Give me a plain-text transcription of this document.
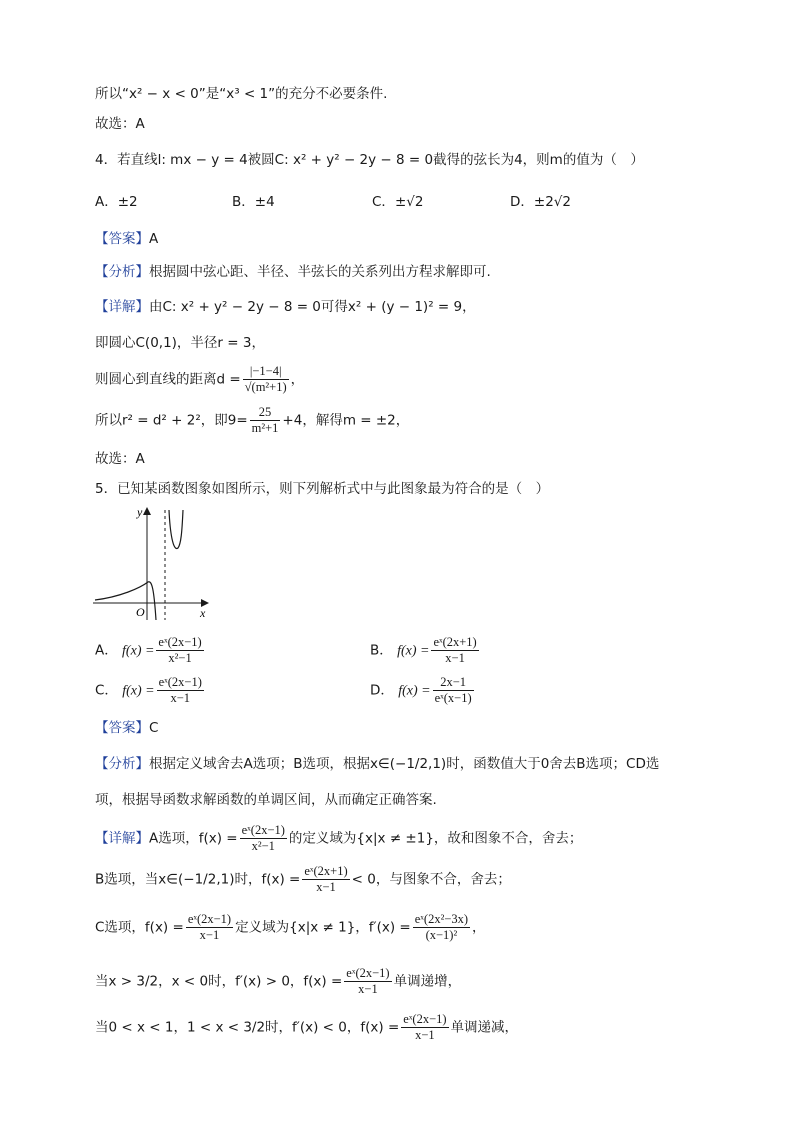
所以“x² − x < 0”是“x³ < 1”的充分不必要条件.
故选：A
4．若直线l: mx − y = 4被圆C: x² + y² − 2y − 8 = 0截得的弦长为4，则m的值为（　）
A．±2	B．±4	C．±√2	D．±2√2
【答案】A
【分析】根据圆中弦心距、半径、半弦长的关系列出方程求解即可.
【详解】由C: x² + y² − 2y − 8 = 0可得x² + (y − 1)² = 9，
即圆心C(0,1)，半径r = 3，
则圆心到直线的距离$d = \frac{|-1-4|}{\text{√(m²+1)}}$ ，
所以r² = d² + 2²，即$9= \frac{25}{\text{m²+1}} +4$，解得m = ±2，
故选：A
5．已知某函数图象如图所示，则下列解析式中与此图象最为符合的是（　）
y
x
O
A． $f(x) = \frac{\text{eˣ(2x−1)}}{\text{x²−1}}$	B． $f(x) = \frac{\text{eˣ(2x+1)}}{x-1}$
C． $f(x) = \frac{\text{eˣ(2x−1)}}{x-1}$	D． $f(x) = \frac{2x-1}{\text{eˣ(x−1)}}$
【答案】C
【分析】根据定义域舍去A选项；B选项，根据x∈(−1/2,1)时，函数值大于0舍去B选项；CD选
项，根据导函数求解函数的单调区间，从而确定正确答案.
【详解】A选项，$f(x) = \frac{\text{eˣ(2x−1)}}{\text{x²−1}}$ 的定义域为{x|x ≠ ±1}，故和图象不合，舍去；
B选项，当x∈(−1/2,1)时，$f(x) = \frac{\text{eˣ(2x+1)}}{x-1} < 0$，与图象不合，舍去；
C选项，$f(x) = \frac{\text{eˣ(2x−1)}}{x-1}$ 定义域为{x|x ≠ 1}，$f'(x) = \frac{\text{eˣ(2x²−3x)}}{\text{(x−1)²}}$ ，
当x > 3/2，x < 0时，f′(x) > 0，$f(x) = \frac{\text{eˣ(2x−1)}}{x-1}$ 单调递增，
当0 < x < 1，1 < x < 3/2时，f′(x) < 0，$f(x) = \frac{\text{eˣ(2x−1)}}{x-1}$ 单调递减，
